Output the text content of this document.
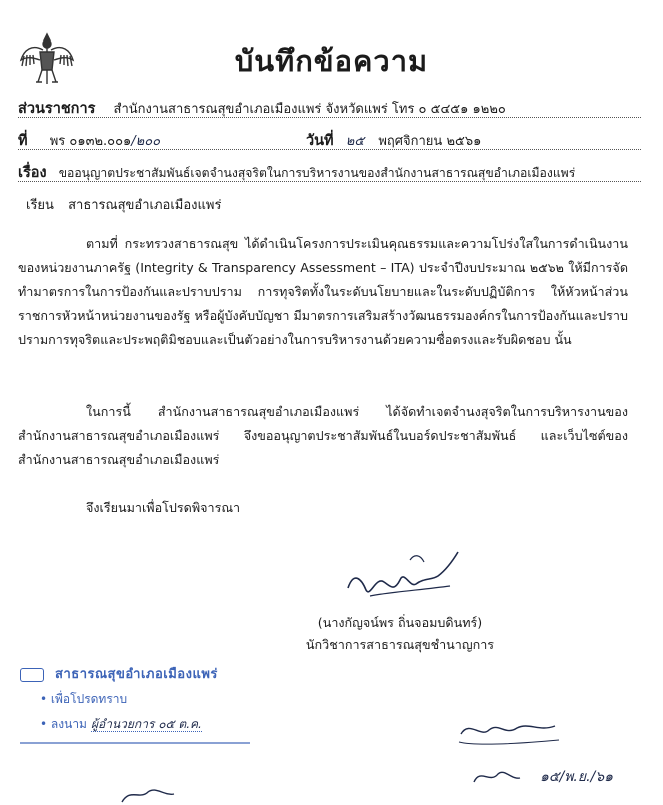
บันทึกข้อความ
ส่วนราชการ สำนักงานสาธารณสุขอำเภอเมืองแพร่ จังหวัดแพร่ โทร ๐ ๕๔๕๑ ๑๒๒๐
ที่ พร ๐๑๓๒.๐๐๑/๒๐๐	วันที่ ๒๕ พฤศจิกายน ๒๕๖๑
เรื่อง ขออนุญาตประชาสัมพันธ์เจตจำนงสุจริตในการบริหารงานของสำนักงานสาธารณสุขอำเภอเมืองแพร่
เรียน สาธารณสุขอำเภอเมืองแพร่

ตามที่ กระทรวงสาธารณสุข ได้ดำเนินโครงการประเมินคุณธรรมและความโปร่งใสในการดำเนินงานของหน่วยงานภาครัฐ (Integrity & Transparency Assessment – ITA) ประจำปีงบประมาณ ๒๕๖๒ ให้มีการจัดทำมาตรการในการป้องกันและปราบปราม การทุจริตทั้งในระดับนโยบายและในระดับปฏิบัติการ ให้หัวหน้าส่วนราชการหัวหน้าหน่วยงานของรัฐ หรือผู้บังคับบัญชา มีมาตรการเสริมสร้างวัฒนธรรมองค์กรในการป้องกันและปราบปรามการทุจริตและประพฤติมิชอบและเป็นตัวอย่างในการบริหารงานด้วยความซื่อตรงและรับผิดชอบ นั้น

ในการนี้ สำนักงานสาธารณสุขอำเภอเมืองแพร่ ได้จัดทำเจตจำนงสุจริตในการบริหารงานของสำนักงานสาธารณสุขอำเภอเมืองแพร่ จึงขออนุญาตประชาสัมพันธ์ในบอร์ดประชาสัมพันธ์ และเว็บไซต์ของสำนักงานสาธารณสุขอำเภอเมืองแพร่

จึงเรียนมาเพื่อโปรดพิจารณา
(นางกัญจน์พร ถิ่นจอมบดินทร์)
นักวิชาการสาธารณสุขชำนาญการ
สาธารณสุขอำเภอเมืองแพร่
• เพื่อโปรดทราบ
• ลงนาม ผู้อำนวยการ ๐๕ ต.ค.
๑๕/พ.ย./๖๑
